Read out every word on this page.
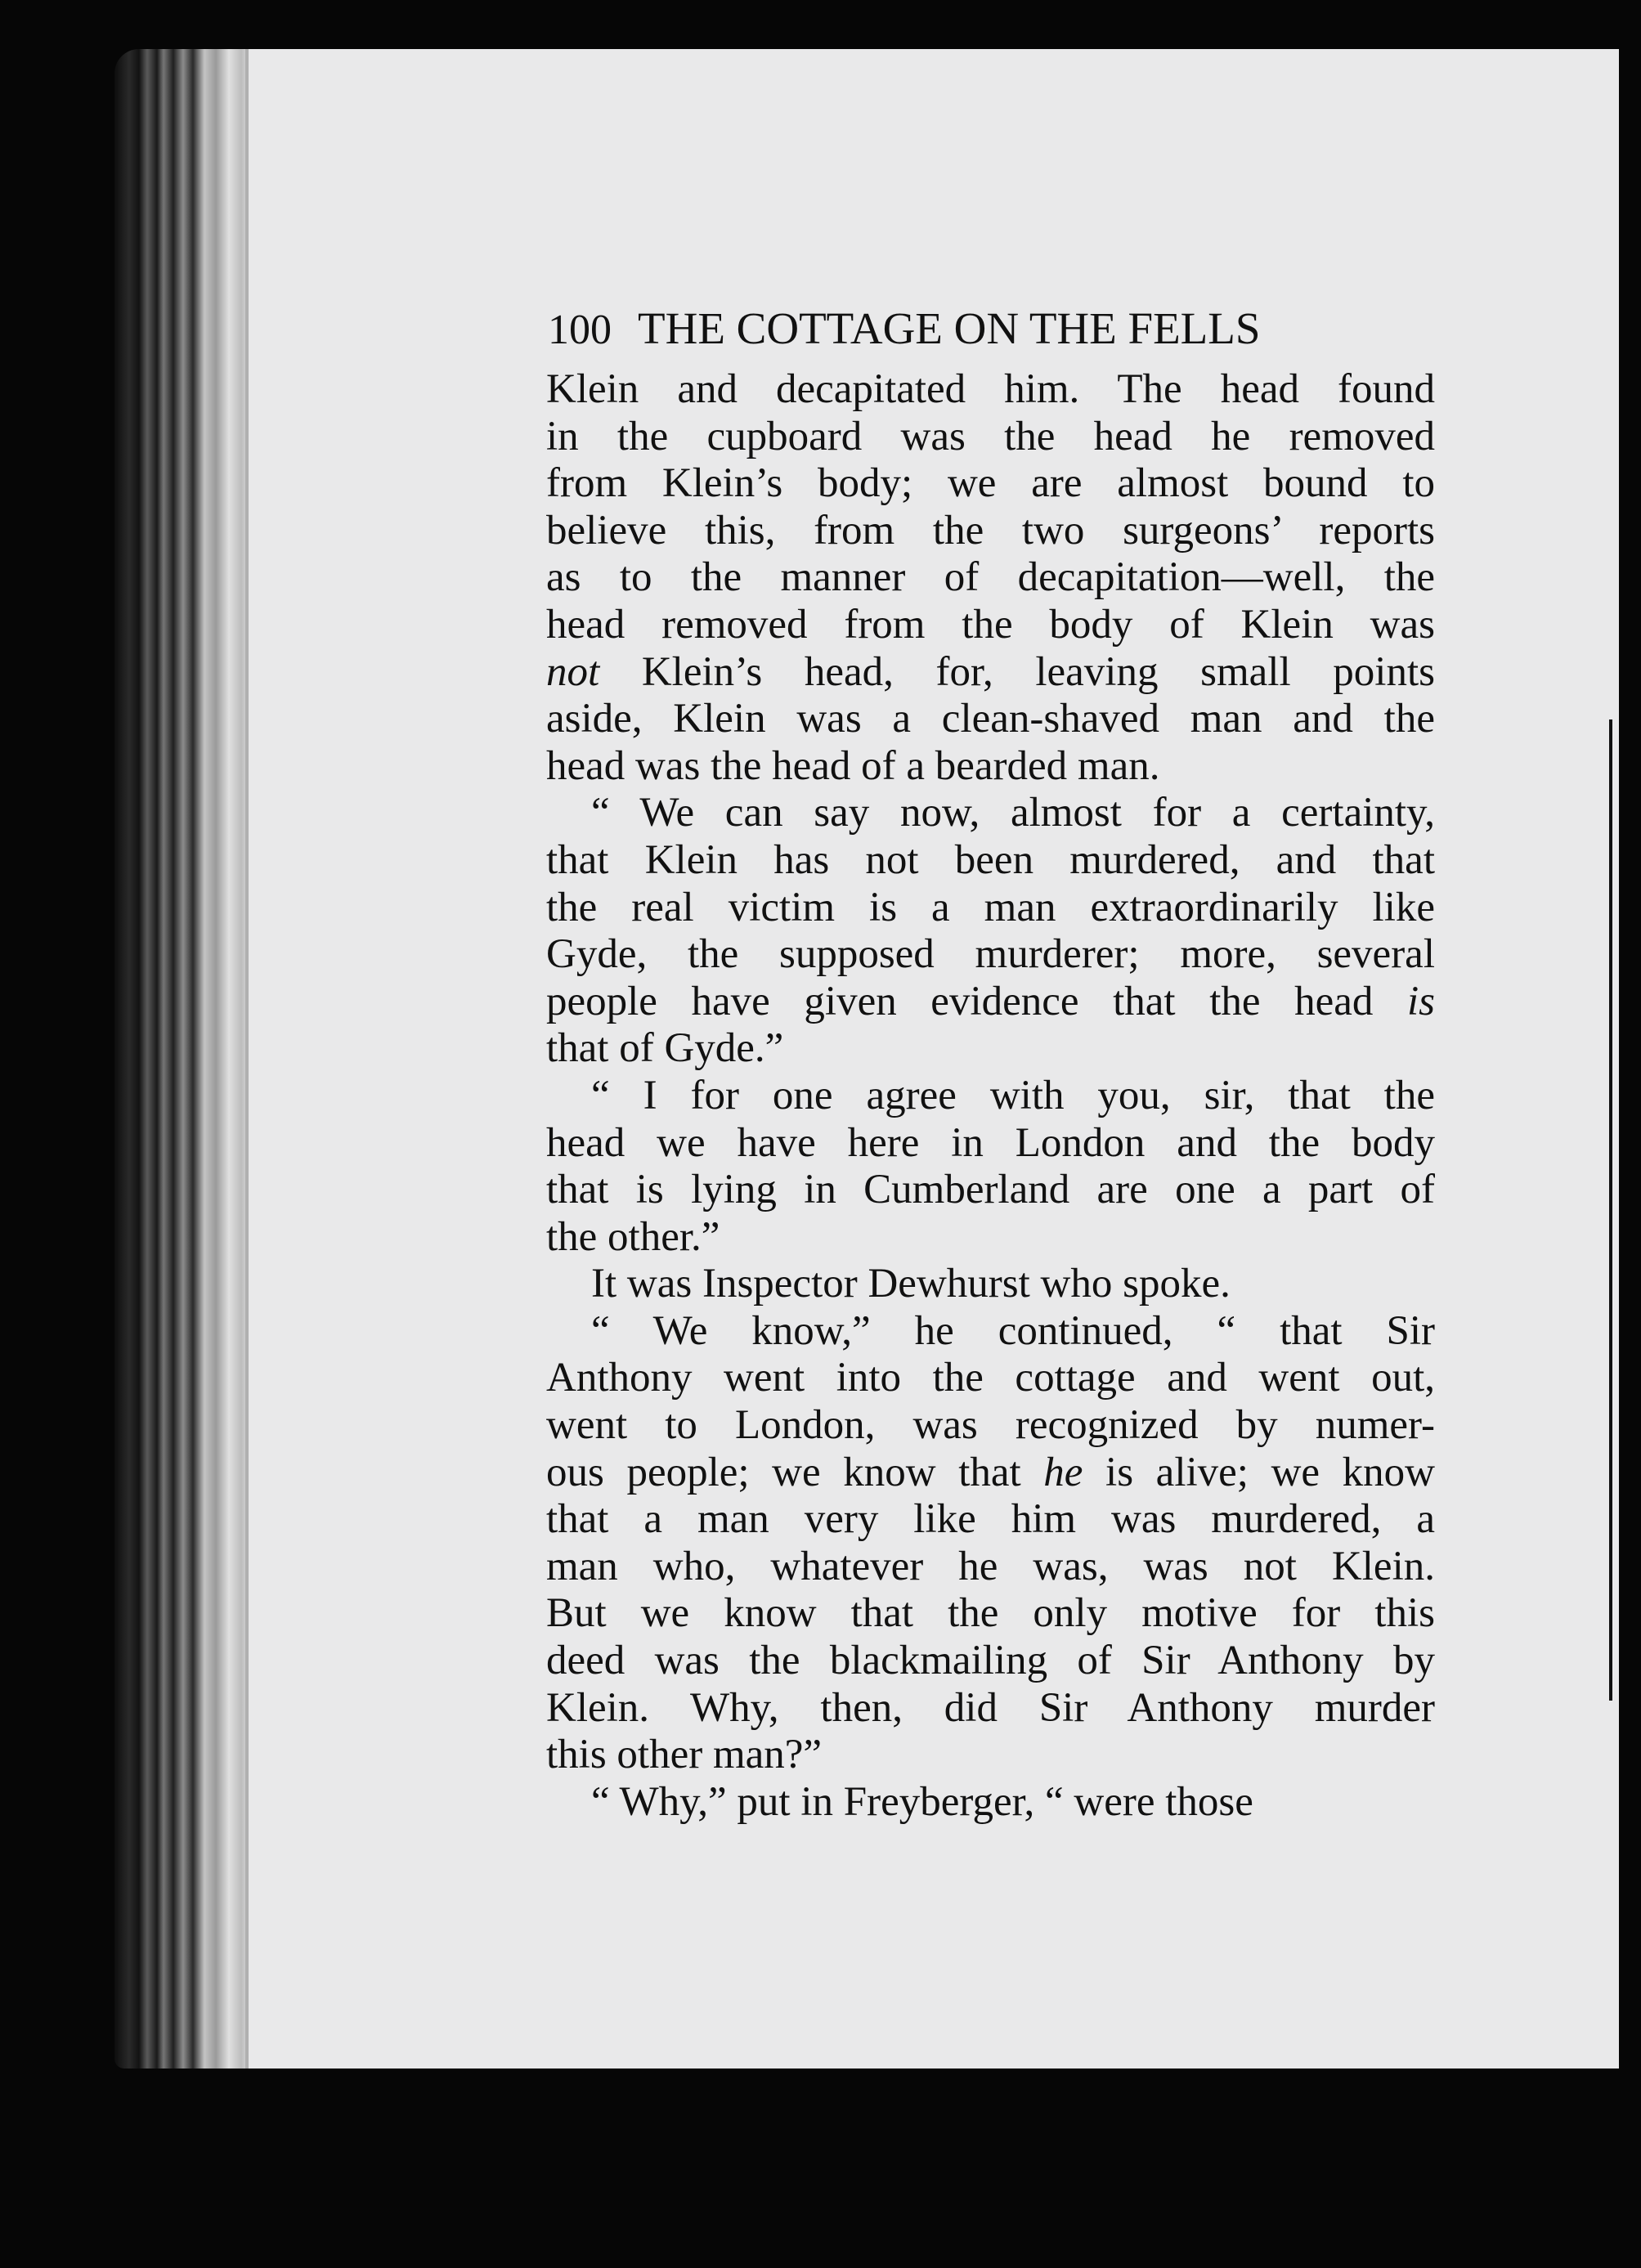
100 THE COTTAGE ON THE FELLS
Klein and decapitated him. The head found
in the cupboard was the head he removed
from Klein’s body; we are almost bound to
believe this, from the two surgeons’ reports
as to the manner of decapitation—well, the
head removed from the body of Klein was
not Klein’s head, for, leaving small points
aside, Klein was a clean-shaved man and the
head was the head of a bearded man.
“ We can say now, almost for a certainty,
that Klein has not been murdered, and that
the real victim is a man extraordinarily like
Gyde, the supposed murderer; more, several
people have given evidence that the head is
that of Gyde.”
“ I for one agree with you, sir, that the
head we have here in London and the body
that is lying in Cumberland are one a part of
the other.”
It was Inspector Dewhurst who spoke.
“ We know,” he continued, “ that Sir
Anthony went into the cottage and went out,
went to London, was recognized by numer-
ous people; we know that he is alive; we know
that a man very like him was murdered, a
man who, whatever he was, was not Klein.
But we know that the only motive for this
deed was the blackmailing of Sir Anthony by
Klein. Why, then, did Sir Anthony murder
this other man?”
“ Why,” put in Freyberger, “ were those
